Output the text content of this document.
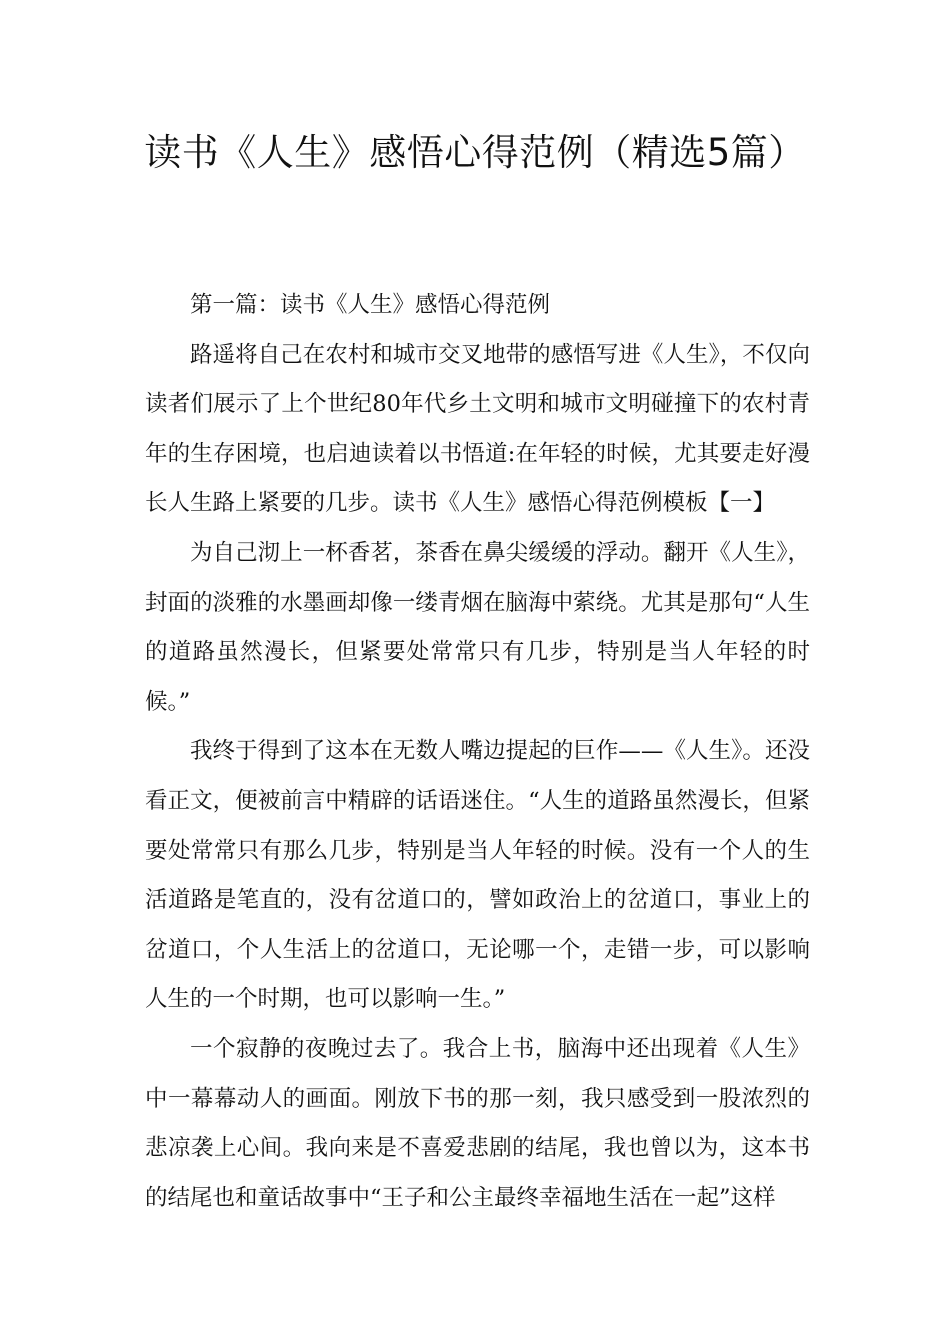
读书《人生》感悟心得范例（精选5篇）

第一篇：读书《人生》感悟心得范例

路遥将自己在农村和城市交叉地带的感悟写进《人生》，不仅向读者们展示了上个世纪80年代乡土文明和城市文明碰撞下的农村青年的生存困境，也启迪读着以书悟道:在年轻的时候，尤其要走好漫长人生路上紧要的几步。读书《人生》感悟心得范例模板【一】

为自己沏上一杯香茗，茶香在鼻尖缓缓的浮动。翻开《人生》，封面的淡雅的水墨画却像一缕青烟在脑海中萦绕。尤其是那句“人生的道路虽然漫长，但紧要处常常只有几步，特别是当人年轻的时候。”

我终于得到了这本在无数人嘴边提起的巨作——《人生》。还没看正文，便被前言中精辟的话语迷住。“人生的道路虽然漫长，但紧要处常常只有那么几步，特别是当人年轻的时候。没有一个人的生活道路是笔直的，没有岔道口的，譬如政治上的岔道口，事业上的岔道口，个人生活上的岔道口，无论哪一个，走错一步，可以影响人生的一个时期，也可以影响一生。”

一个寂静的夜晚过去了。我合上书，脑海中还出现着《人生》中一幕幕动人的画面。刚放下书的那一刻，我只感受到一股浓烈的悲凉袭上心间。我向来是不喜爱悲剧的结尾，我也曾以为，这本书的结尾也和童话故事中“王子和公主最终幸福地生活在一起”这样
